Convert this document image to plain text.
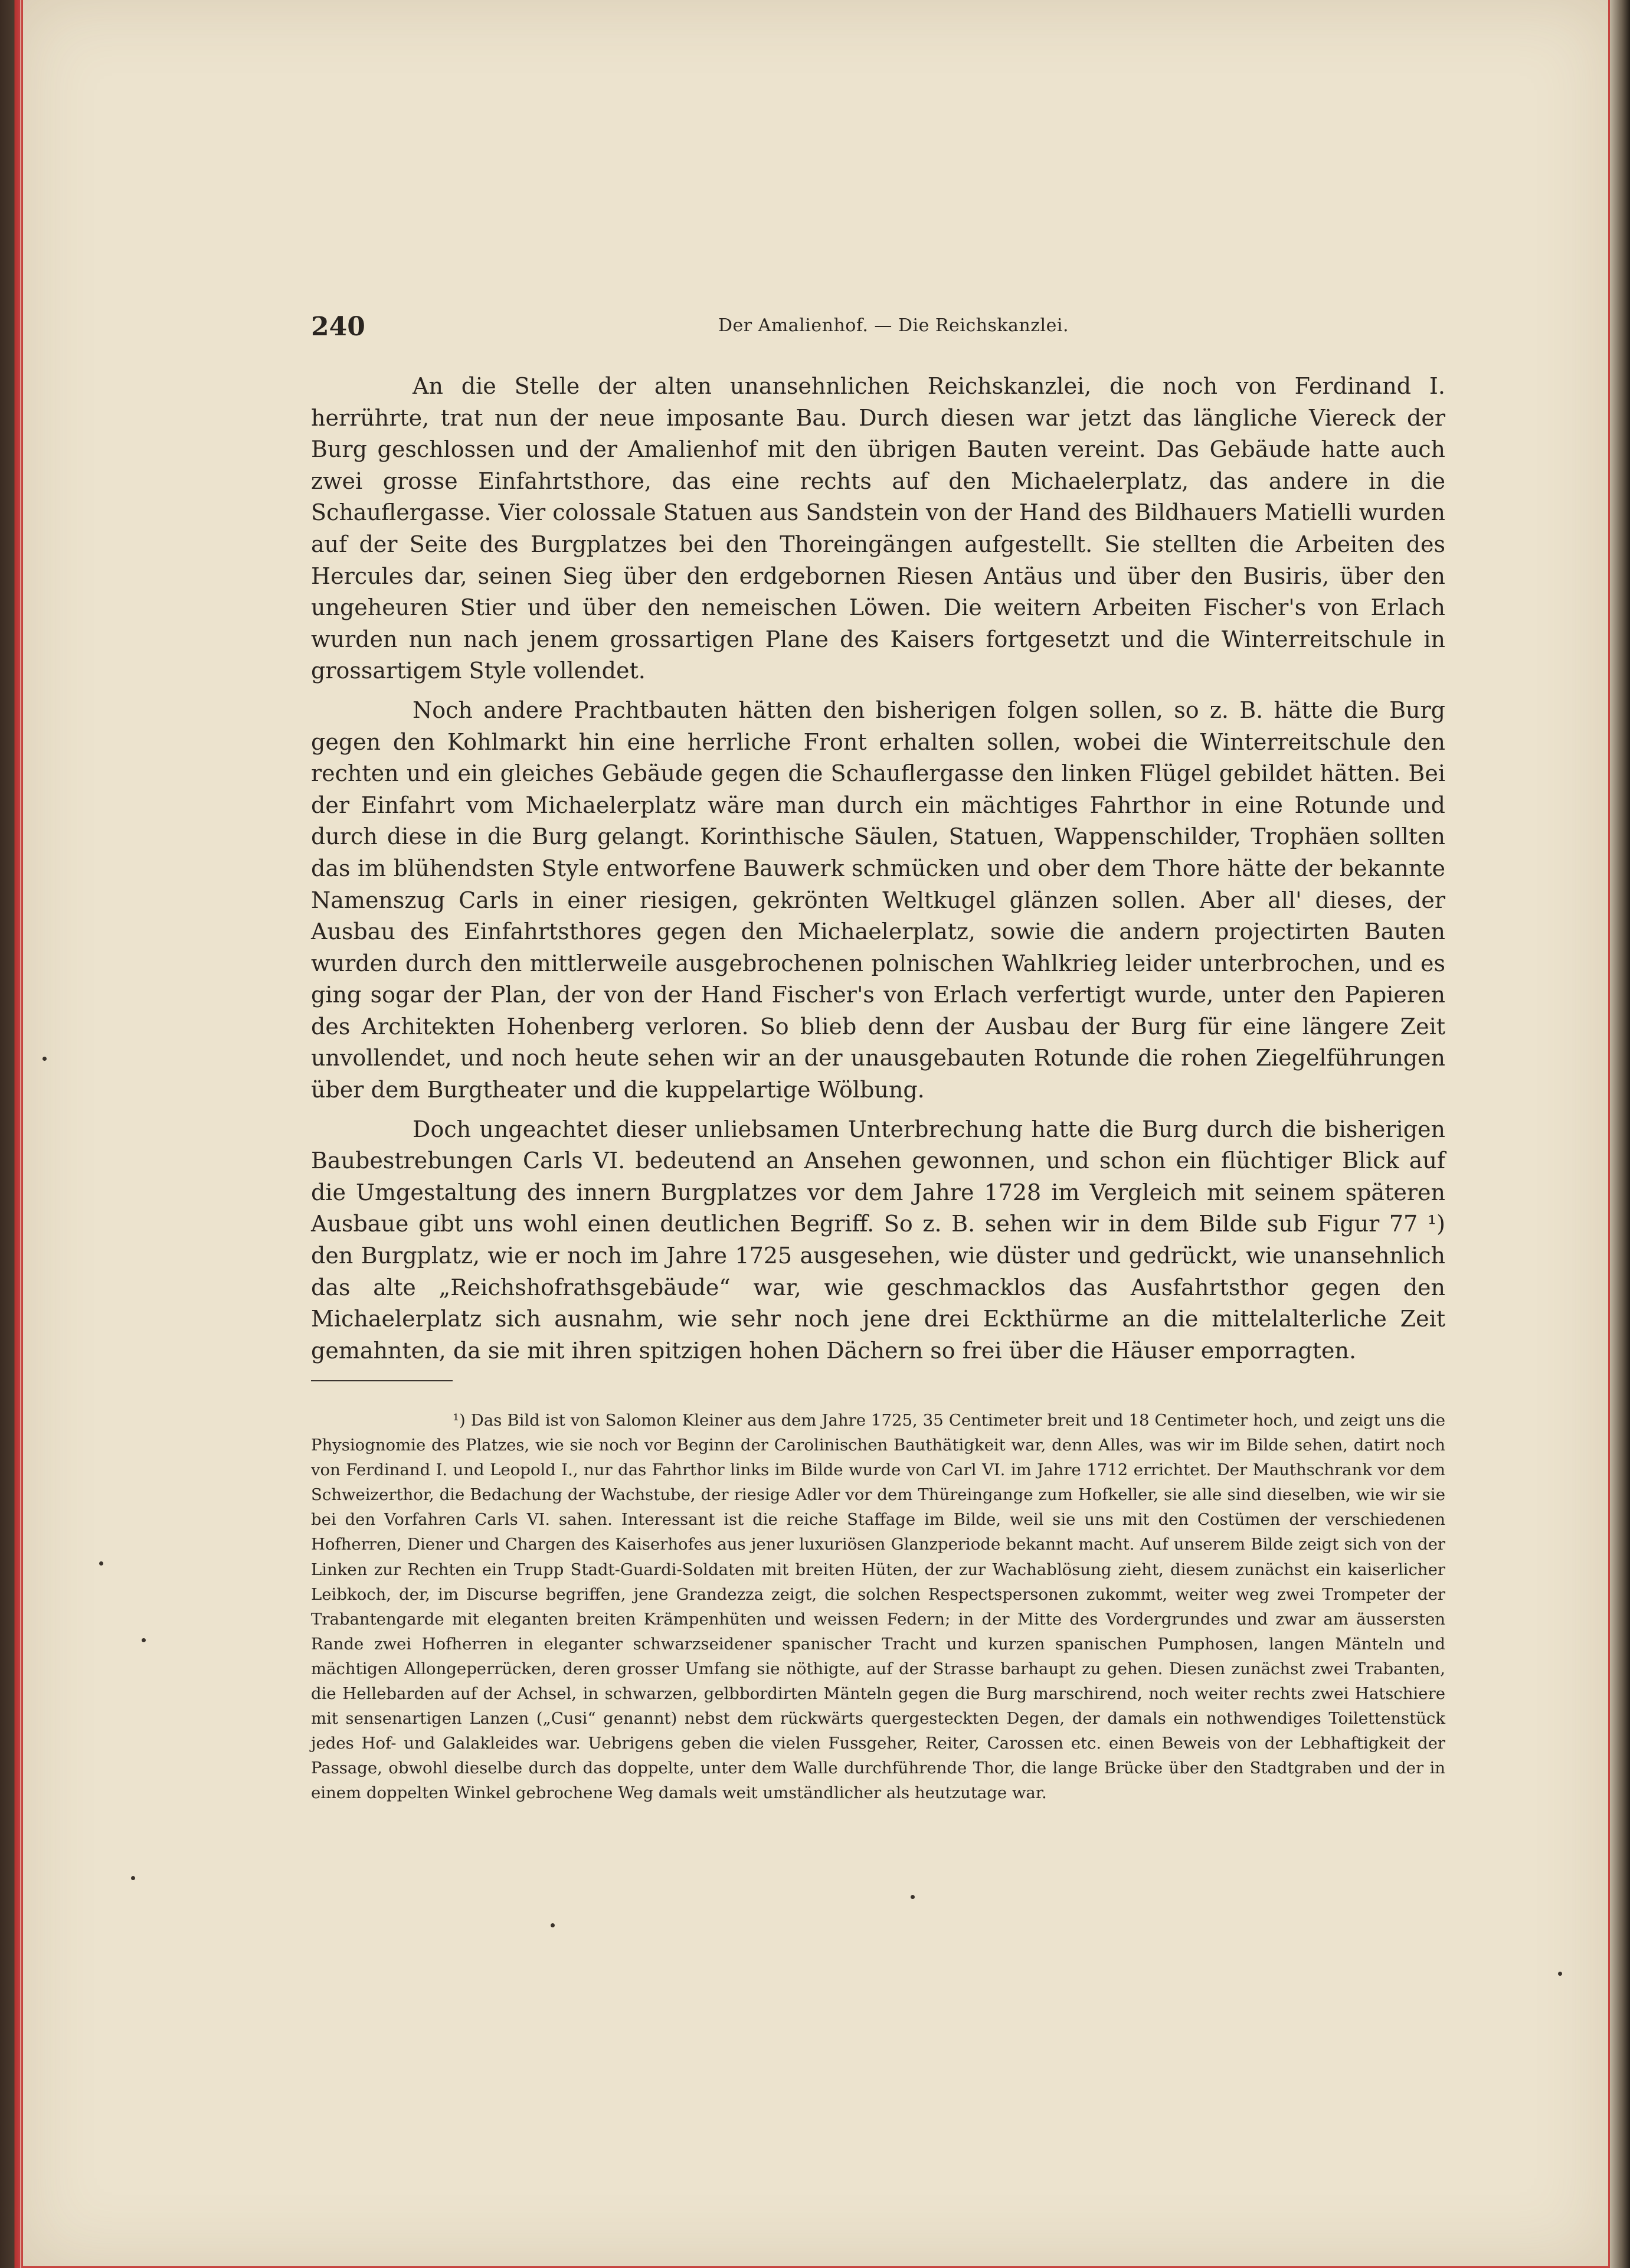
240	Der Amalienhof. — Die Reichskanzlei.

An die Stelle der alten unansehnlichen Reichskanzlei, die noch von Ferdinand I. herrührte, trat nun der neue imposante Bau. Durch diesen war jetzt das längliche Viereck der Burg geschlossen und der Amalienhof mit den übrigen Bauten vereint. Das Gebäude hatte auch zwei grosse Einfahrtsthore, das eine rechts auf den Michaelerplatz, das andere in die Schauflergasse. Vier colossale Statuen aus Sandstein von der Hand des Bildhauers Matielli wurden auf der Seite des Burgplatzes bei den Thoreingängen aufgestellt. Sie stellten die Arbeiten des Hercules dar, seinen Sieg über den erdgebornen Riesen Antäus und über den Busiris, über den ungeheuren Stier und über den nemeischen Löwen. Die weitern Arbeiten Fischer's von Erlach wurden nun nach jenem grossartigen Plane des Kaisers fortgesetzt und die Winterreitschule in grossartigem Style vollendet.

Noch andere Prachtbauten hätten den bisherigen folgen sollen, so z. B. hätte die Burg gegen den Kohlmarkt hin eine herrliche Front erhalten sollen, wobei die Winterreitschule den rechten und ein gleiches Gebäude gegen die Schauflergasse den linken Flügel gebildet hätten. Bei der Einfahrt vom Michaelerplatz wäre man durch ein mächtiges Fahrthor in eine Rotunde und durch diese in die Burg gelangt. Korinthische Säulen, Statuen, Wappenschilder, Trophäen sollten das im blühendsten Style entworfene Bauwerk schmücken und ober dem Thore hätte der bekannte Namenszug Carls in einer riesigen, gekrönten Weltkugel glänzen sollen. Aber all' dieses, der Ausbau des Einfahrtsthores gegen den Michaelerplatz, sowie die andern projectirten Bauten wurden durch den mittlerweile ausgebrochenen polnischen Wahlkrieg leider unterbrochen, und es ging sogar der Plan, der von der Hand Fischer's von Erlach verfertigt wurde, unter den Papieren des Architekten Hohenberg verloren. So blieb denn der Ausbau der Burg für eine längere Zeit unvollendet, und noch heute sehen wir an der unausgebauten Rotunde die rohen Ziegelführungen über dem Burgtheater und die kuppelartige Wölbung.

Doch ungeachtet dieser unliebsamen Unterbrechung hatte die Burg durch die bisherigen Baubestrebungen Carls VI. bedeutend an Ansehen gewonnen, und schon ein flüchtiger Blick auf die Umgestaltung des innern Burgplatzes vor dem Jahre 1728 im Vergleich mit seinem späteren Ausbaue gibt uns wohl einen deutlichen Begriff. So z. B. sehen wir in dem Bilde sub Figur 77 ¹) den Burgplatz, wie er noch im Jahre 1725 ausgesehen, wie düster und gedrückt, wie unansehnlich das alte „Reichshofrathsgebäude“ war, wie geschmacklos das Ausfahrtsthor gegen den Michaelerplatz sich ausnahm, wie sehr noch jene drei Eckthürme an die mittelalterliche Zeit gemahnten, da sie mit ihren spitzigen hohen Dächern so frei über die Häuser emporragten.

¹) Das Bild ist von Salomon Kleiner aus dem Jahre 1725, 35 Centimeter breit und 18 Centimeter hoch, und zeigt uns die Physiognomie des Platzes, wie sie noch vor Beginn der Carolinischen Bauthätigkeit war, denn Alles, was wir im Bilde sehen, datirt noch von Ferdinand I. und Leopold I., nur das Fahrthor links im Bilde wurde von Carl VI. im Jahre 1712 errichtet. Der Mauthschrank vor dem Schweizerthor, die Bedachung der Wachstube, der riesige Adler vor dem Thüreingange zum Hofkeller, sie alle sind dieselben, wie wir sie bei den Vorfahren Carls VI. sahen. Interessant ist die reiche Staffage im Bilde, weil sie uns mit den Costümen der verschiedenen Hofherren, Diener und Chargen des Kaiserhofes aus jener luxuriösen Glanzperiode bekannt macht. Auf unserem Bilde zeigt sich von der Linken zur Rechten ein Trupp Stadt-Guardi-Soldaten mit breiten Hüten, der zur Wachablösung zieht, diesem zunächst ein kaiserlicher Leibkoch, der, im Discurse begriffen, jene Grandezza zeigt, die solchen Respectspersonen zukommt, weiter weg zwei Trompeter der Trabantengarde mit eleganten breiten Krämpenhüten und weissen Federn; in der Mitte des Vordergrundes und zwar am äussersten Rande zwei Hofherren in eleganter schwarzseidener spanischer Tracht und kurzen spanischen Pumphosen, langen Mänteln und mächtigen Allongeperrücken, deren grosser Umfang sie nöthigte, auf der Strasse barhaupt zu gehen. Diesen zunächst zwei Trabanten, die Hellebarden auf der Achsel, in schwarzen, gelbbordirten Mänteln gegen die Burg marschirend, noch weiter rechts zwei Hatschiere mit sensenartigen Lanzen („Cusi“ genannt) nebst dem rückwärts quergesteckten Degen, der damals ein nothwendiges Toilettenstück jedes Hof- und Galakleides war. Uebrigens geben die vielen Fussgeher, Reiter, Carossen etc. einen Beweis von der Lebhaftigkeit der Passage, obwohl dieselbe durch das doppelte, unter dem Walle durchführende Thor, die lange Brücke über den Stadtgraben und der in einem doppelten Winkel gebrochene Weg damals weit umständlicher als heutzutage war.
